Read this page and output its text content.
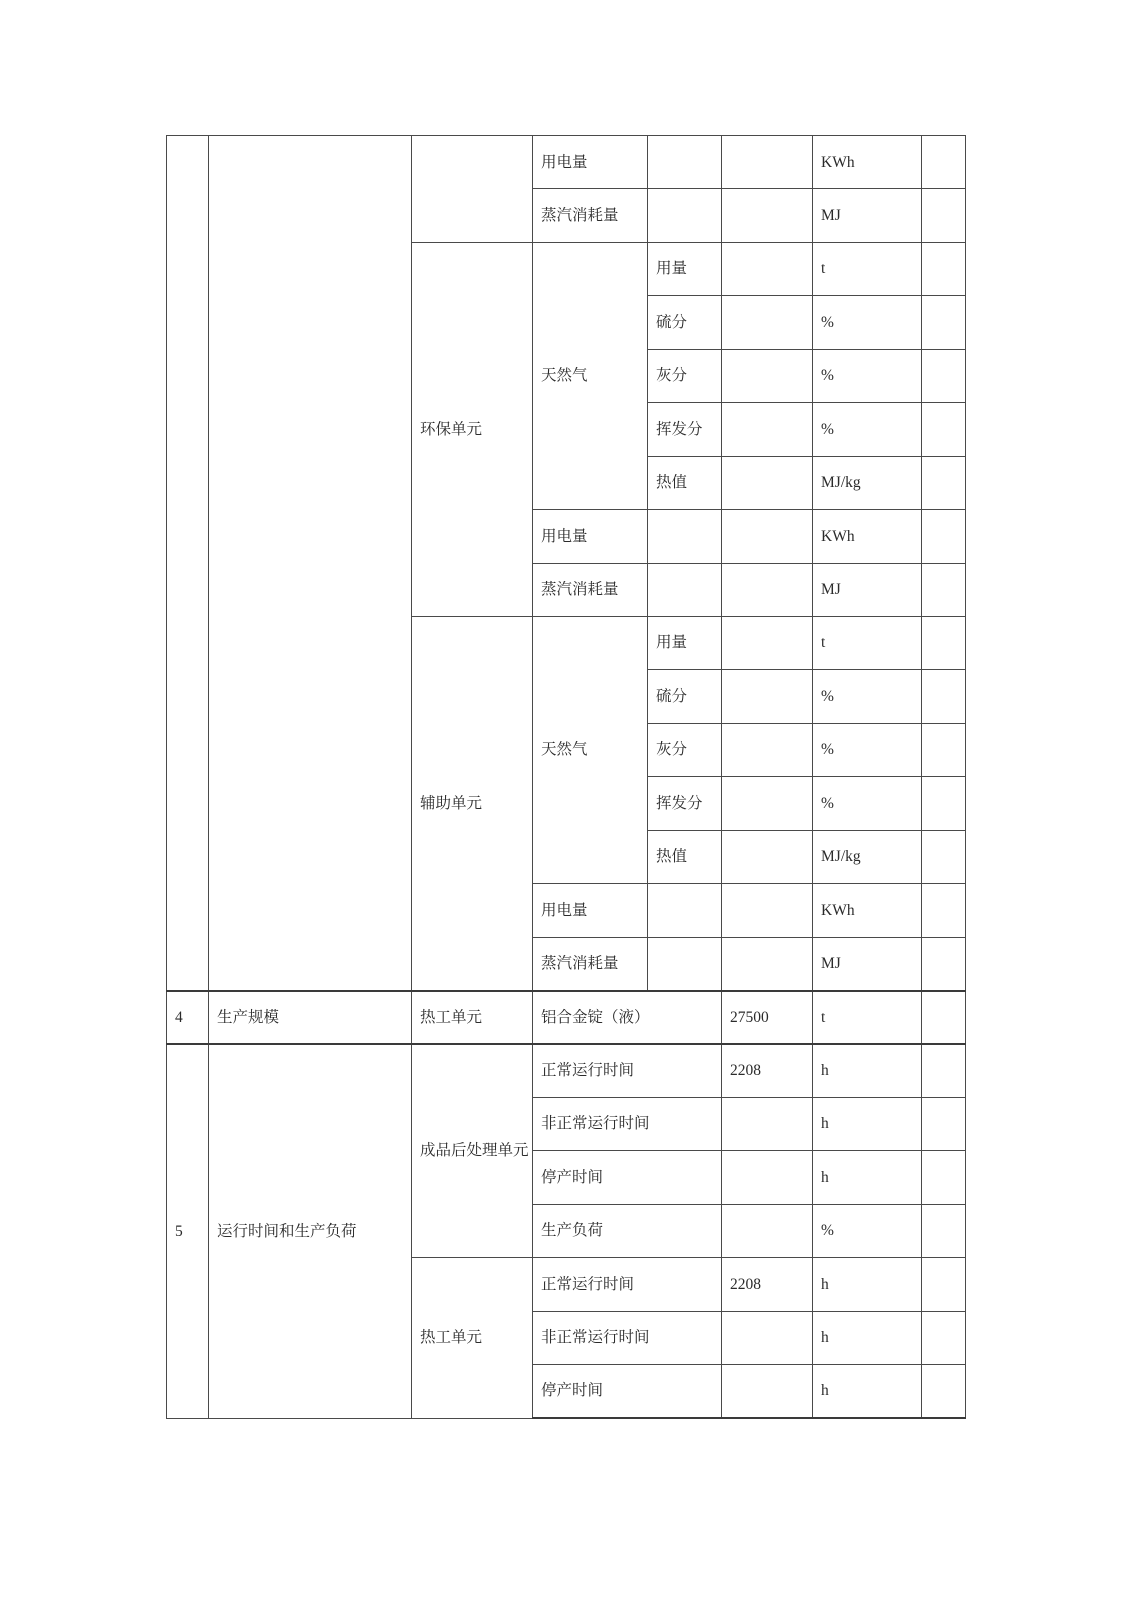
			用电量			KWh	
			蒸汽消耗量			MJ	
		环保单元	天然气	用量		t	
				硫分		%	
				灰分		%	
				挥发分		%	
				热值		MJ/kg	
			用电量			KWh	
			蒸汽消耗量			MJ	
		辅助单元	天然气	用量		t	
				硫分		%	
				灰分		%	
				挥发分		%	
				热值		MJ/kg	
			用电量			KWh	
			蒸汽消耗量			MJ	
4	生产规模	热工单元	铝合金锭（液）		27500	t	
5	运行时间和生产负荷	成品后处理单元	正常运行时间		2208	h	
			非正常运行时间			h	
			停产时间			h	
			生产负荷			%	
		热工单元	正常运行时间		2208	h	
			非正常运行时间			h	
			停产时间			h	
